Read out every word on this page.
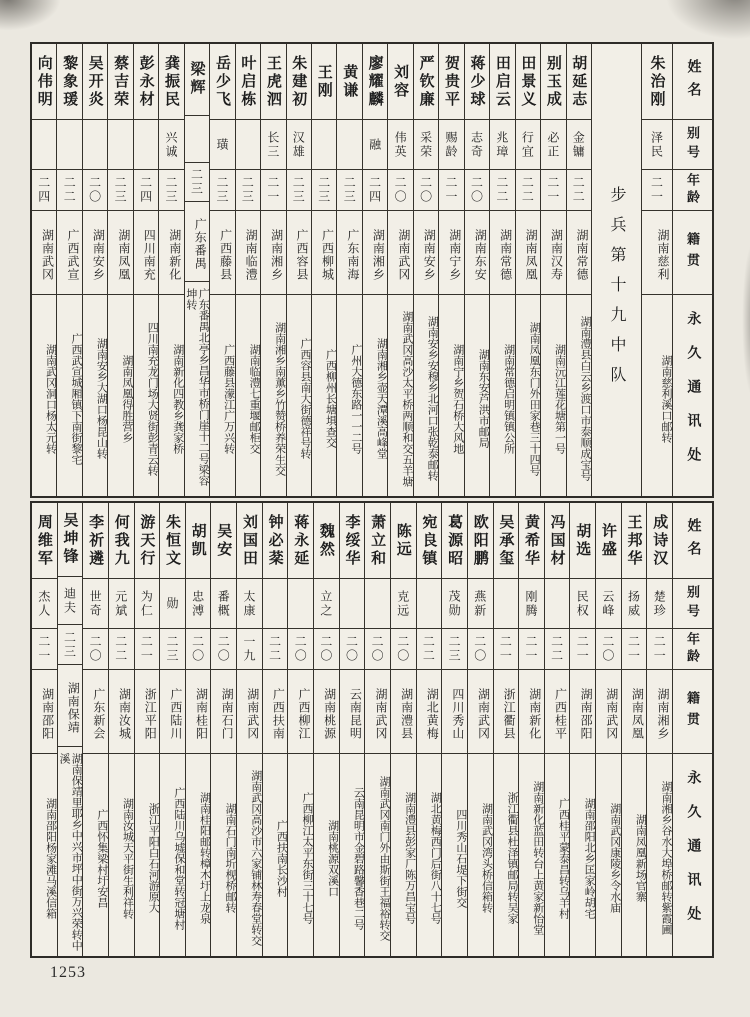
姓名
别号
年龄
籍贯
永久通讯处
朱治刚
泽民
二一
湖南慈利
湖南慈利溪口邮转
步兵第十九中队
胡延志
金镛
二二
湖南常德
湖南澧县白云乡渡口市泰顺成宝号
别玉成
必正
二一
湖南汉寿
湖南沅江莲花塘第一号
田景义
行宜
二二
湖南凤凰
湖南凤凰东门外田家巷三十四号
田启云
兆璋
二二
湖南常德
湖南常德启明镇镇公所
蒋少球
志奇
二〇
湖南东安
湖南东安芦洪市邮局
贺贵平
赐龄
二一
湖南宁乡
湖南宁乡贺石桥大风地
严钦廉
采荣
二〇
湖南安乡
湖南安乡安穆乡北河口张乾泰邮转
刘容
伟英
二〇
湖南武冈
湖南武冈高沙太平桥两顺和交五羊塘
廖耀麟
融
二四
湖南湘乡
湖南湘乡壶天潭溪高峰堂
黄谦
二三
广东南海
广州大德东路一一二号
王刚
二三
广西柳城
广西柳州长塘埧查交
朱建初
汉雄
二三
广西容县
广西容县南大街德祥号转
王虎泗
长三
二一
湖南湘乡
湖南湘乡南薰乡竹赞桥养荣生交
叶启栋
二三
湖南临澧
湖南临澧七重堰邮柜交
岳少飞
璜
二三
广西藤县
广西藤县濛江广万兴转
梁辉
二三
广东番禺
广东番禺北亭乡昌华市桥门崖十二号梁容坤转
龚振民
兴诚
二三
湖南新化
湖南新化四教乡龚家桥
彭永材
二四
四川南充
四川南充龙门场大贤街彭青云转
蔡吉荣
二三
湖南凤凰
湖南凤凰得胜营乡
吴开炎
二〇
湖南安乡
湖南安乡大湖口杨昆山转
黎象瑗
二二
广西武宣
广西武宣城厢镇下南街黎宅
向伟明
二四
湖南武冈
湖南武冈洞口杨太元转
姓名
别号
年龄
籍贯
永久通讯处
成诗汉
楚珍
二一
湖南湘乡
湖南湘乡谷水大埠桥邮转紫霞圃
王邦华
扬威
二一
湖南凤凰
湖南凤凰新场官寨
许盛
云峰
二〇
湖南武冈
湖南武冈康陵乡令水庙
胡选
民权
二一
湖南邵阳
湖南邵阳北乡匡家岭胡宅
冯国材
二二
广西桂平
广西桂平蒙泰昌转乌羊村
黄希华
刚腾
二一
湖南新化
湖南新化蓝田转台上黄家新怡堂
吴承玺
二一
浙江衢县
浙江衢县杜泽镇邮局转吴家
欧阳鹏
燕新
二〇
湖南武冈
湖南武冈湾头桥信箱转
葛源昭
茂勋
二三
四川秀山
四川秀山石堤下街交
宛良镇
二二
湖北黄梅
湖北黄梅西门后街八十七号
陈远
克远
二〇
湖南澧县
湖南澧县彭家厂陈万昌宝号
萧立和
二〇
湖南武冈
湖南武冈南门外由斯街王福裕转交
李绥华
二〇
云南昆明
云南昆明市金碧路馨香巷二号
魏然
立之
二〇
湖南桃源
湖南桃源双溪口
蒋永延
二〇
广西柳江
广西柳江太平东街三十七号
钟必棻
二二
广西扶南
广西扶南长沙村
刘国田
太康
一九
湖南武冈
湖南武冈高沙市六家铺林寿春堂转交
吴安
番概
二〇
湖南石门
湖南石门南圻枧桥邮转
胡凯
忠溥
二〇
湖南桂阳
湖南桂阳邮转樟木圩上龙泉
朱恒文
勋
二三
广西陆川
广西陆川乌墟保和堂转冠塘村
游天行
为仁
二一
浙江平阳
浙江平阳白石河游原大
何我九
元斌
二二
湖南汝城
湖南汝城天平街生利祥转
李祈遴
世奇
二〇
广东新会
广西怀集梁村圩安昌
吴坤锋
迪夫
二三
湖南保靖
湖南保靖里耶乡中兴市坪中街万兴荣转中溪
周维军
杰人
二一
湖南邵阳
湖南邵阳杨家滩马溪信箱
1253
